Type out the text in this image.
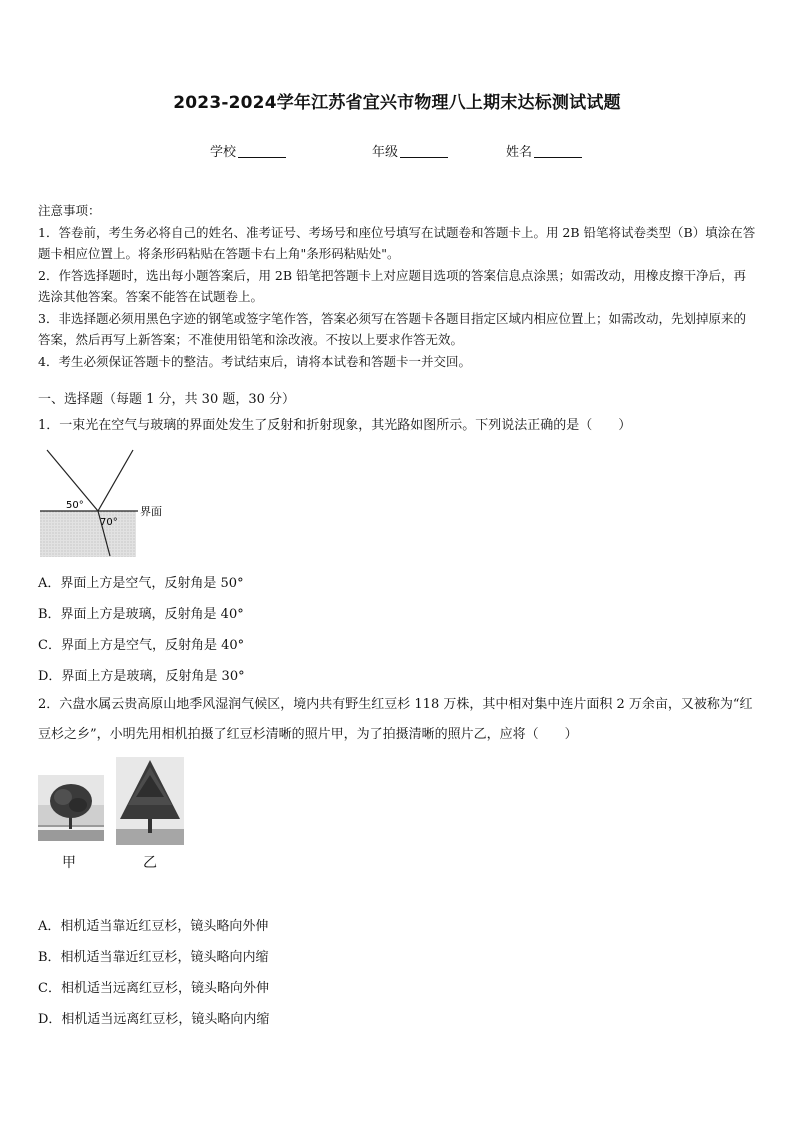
2023-2024学年江苏省宜兴市物理八上期末达标测试试题
学校	年级	姓名

注意事项：

1．答卷前，考生务必将自己的姓名、准考证号、考场号和座位号填写在试题卷和答题卡上。用 2B 铅笔将试卷类型（B）填涂在答题卡相应位置上。将条形码粘贴在答题卡右上角"条形码粘贴处"。

2．作答选择题时，选出每小题答案后，用 2B 铅笔把答题卡上对应题目选项的答案信息点涂黑；如需改动，用橡皮擦干净后，再选涂其他答案。答案不能答在试题卷上。

3．非选择题必须用黑色字迹的钢笔或签字笔作答，答案必须写在答题卡各题目指定区域内相应位置上；如需改动，先划掉原来的答案，然后再写上新答案；不准使用铅笔和涂改液。不按以上要求作答无效。

4．考生必须保证答题卡的整洁。考试结束后，请将本试卷和答题卡一并交回。

一、选择题（每题 1 分，共 30 题，30 分）
1．一束光在空气与玻璃的界面处发生了反射和折射现象，其光路如图所示。下列说法正确的是（　　）
50°
70°
界面
A．界面上方是空气，反射角是 50°
B．界面上方是玻璃，反射角是 40°
C．界面上方是空气，反射角是 40°
D．界面上方是玻璃，反射角是 30°
2．六盘水属云贵高原山地季风湿润气候区，境内共有野生红豆杉 118 万株，其中相对集中连片面积 2 万余亩，又被称为“红豆杉之乡”，小明先用相机拍摄了红豆杉清晰的照片甲，为了拍摄清晰的照片乙，应将（　　）
甲	乙
A．相机适当靠近红豆杉，镜头略向外伸
B．相机适当靠近红豆杉，镜头略向内缩
C．相机适当远离红豆杉，镜头略向外伸
D．相机适当远离红豆杉，镜头略向内缩
